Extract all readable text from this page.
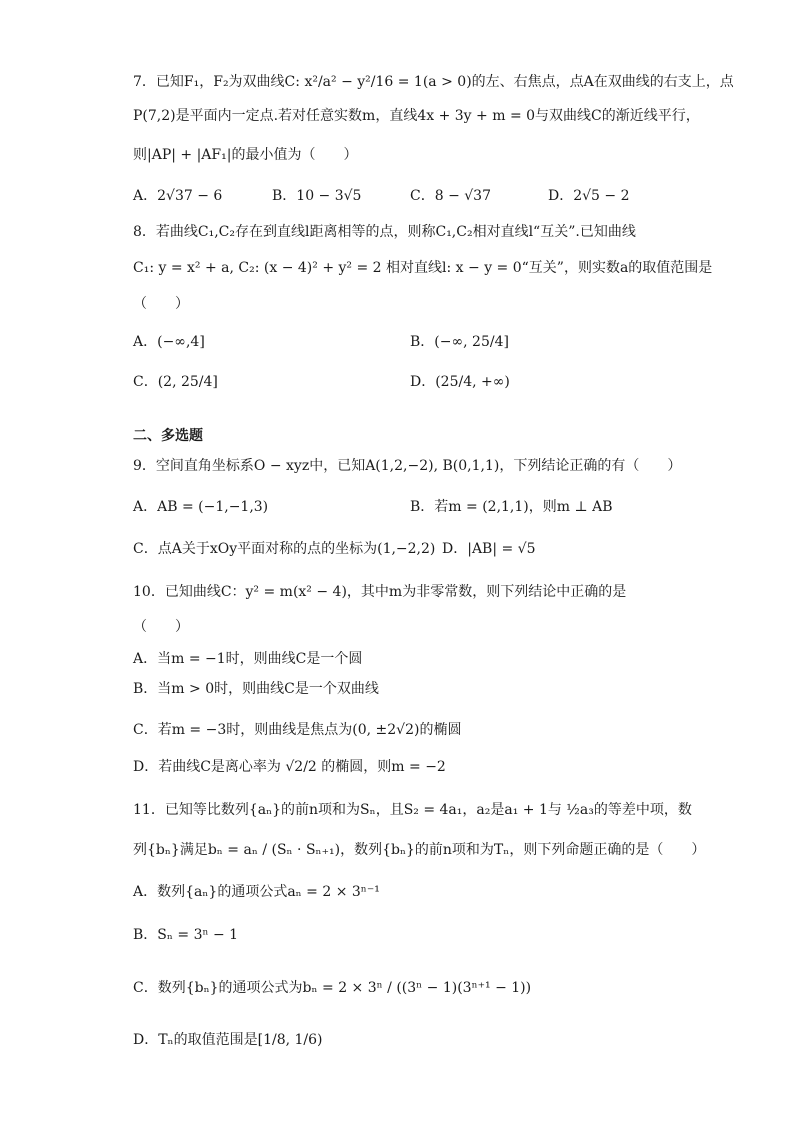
7．已知F₁，F₂为双曲线C: x²/a² − y²/16 = 1(a > 0)的左、右焦点，点A在双曲线的右支上，点
P(7,2)是平面内一定点.若对任意实数m，直线4x + 3y + m = 0与双曲线C的渐近线平行，
则|AP| + |AF₁|的最小值为（　　）
A．2√37 − 6	B．10 − 3√5	C．8 − √37	D．2√5 − 2
8．若曲线C₁,C₂存在到直线l距离相等的点，则称C₁,C₂相对直线l“互关”.已知曲线
C₁: y = x² + a, C₂: (x − 4)² + y² = 2 相对直线l: x − y = 0“互关”，则实数a的取值范围是
（　　）
A．(−∞,4]	B．(−∞, 25/4]
C．(2, 25/4]	D．(25/4, +∞)
二、多选题
9．空间直角坐标系O − xyz中，已知A(1,2,−2), B(0,1,1)，下列结论正确的有（　　）
A．AB = (−1,−1,3)	B．若m = (2,1,1)，则m ⊥ AB
C．点A关于xOy平面对称的点的坐标为(1,−2,2) D．|AB| = √5
10．已知曲线C：y² = m(x² − 4)，其中m为非零常数，则下列结论中正确的是
（　　）
A．当m = −1时，则曲线C是一个圆
B．当m > 0时，则曲线C是一个双曲线
C．若m = −3时，则曲线是焦点为(0, ±2√2)的椭圆
D．若曲线C是离心率为 √2/2 的椭圆，则m = −2
11．已知等比数列{aₙ}的前n项和为Sₙ，且S₂ = 4a₁，a₂是a₁ + 1与 ½a₃的等差中项，数
列{bₙ}满足bₙ = aₙ / (Sₙ · Sₙ₊₁)，数列{bₙ}的前n项和为Tₙ，则下列命题正确的是（　　）
A．数列{aₙ}的通项公式aₙ = 2 × 3ⁿ⁻¹
B．Sₙ = 3ⁿ − 1
C．数列{bₙ}的通项公式为bₙ = 2 × 3ⁿ / ((3ⁿ − 1)(3ⁿ⁺¹ − 1))
D．Tₙ的取值范围是[1/8, 1/6)
